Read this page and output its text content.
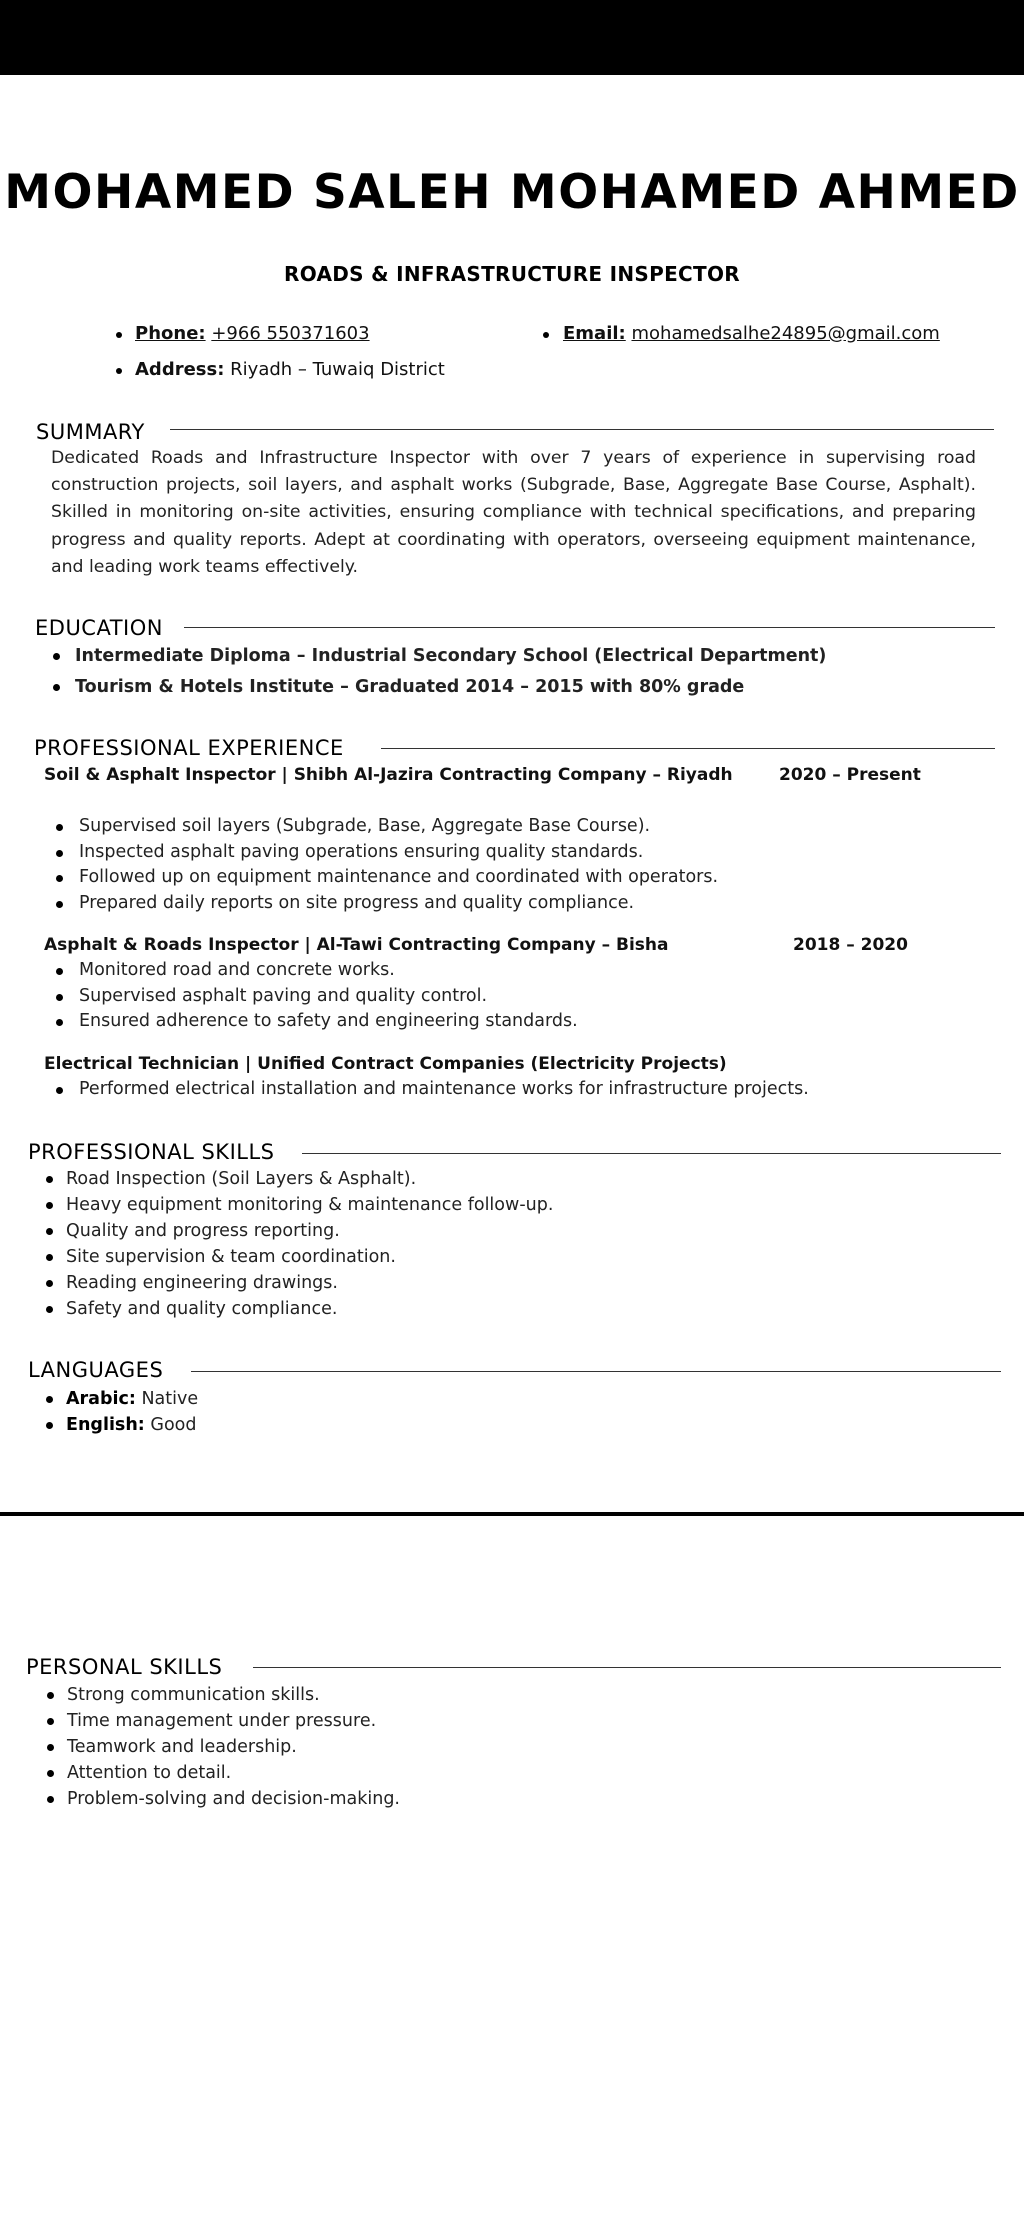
MOHAMED SALEH MOHAMED AHMED
ROADS & INFRASTRUCTURE INSPECTOR
Phone: +966 550371603	Email: mohamedsalhe24895@gmail.com
Address: Riyadh – Tuwaiq District
SUMMARY
Dedicated Roads and Infrastructure Inspector with over 7 years of experience in supervising road construction projects, soil layers, and asphalt works (Subgrade, Base, Aggregate Base Course, Asphalt). Skilled in monitoring on-site activities, ensuring compliance with technical specifications, and preparing progress and quality reports. Adept at coordinating with operators, overseeing equipment maintenance, and leading work teams effectively.
EDUCATION
Intermediate Diploma – Industrial Secondary School (Electrical Department)
Tourism & Hotels Institute – Graduated 2014 – 2015 with 80% grade
PROFESSIONAL EXPERIENCE
Soil & Asphalt Inspector | Shibh Al-Jazira Contracting Company – Riyadh	2020 – Present
Supervised soil layers (Subgrade, Base, Aggregate Base Course).
Inspected asphalt paving operations ensuring quality standards.
Followed up on equipment maintenance and coordinated with operators.
Prepared daily reports on site progress and quality compliance.
Asphalt & Roads Inspector | Al-Tawi Contracting Company – Bisha	2018 – 2020
Monitored road and concrete works.
Supervised asphalt paving and quality control.
Ensured adherence to safety and engineering standards.
Electrical Technician | Unified Contract Companies (Electricity Projects)
Performed electrical installation and maintenance works for infrastructure projects.
PROFESSIONAL SKILLS
Road Inspection (Soil Layers & Asphalt).
Heavy equipment monitoring & maintenance follow-up.
Quality and progress reporting.
Site supervision & team coordination.
Reading engineering drawings.
Safety and quality compliance.
LANGUAGES
Arabic: Native
English: Good
PERSONAL SKILLS
Strong communication skills.
Time management under pressure.
Teamwork and leadership.
Attention to detail.
Problem-solving and decision-making.
